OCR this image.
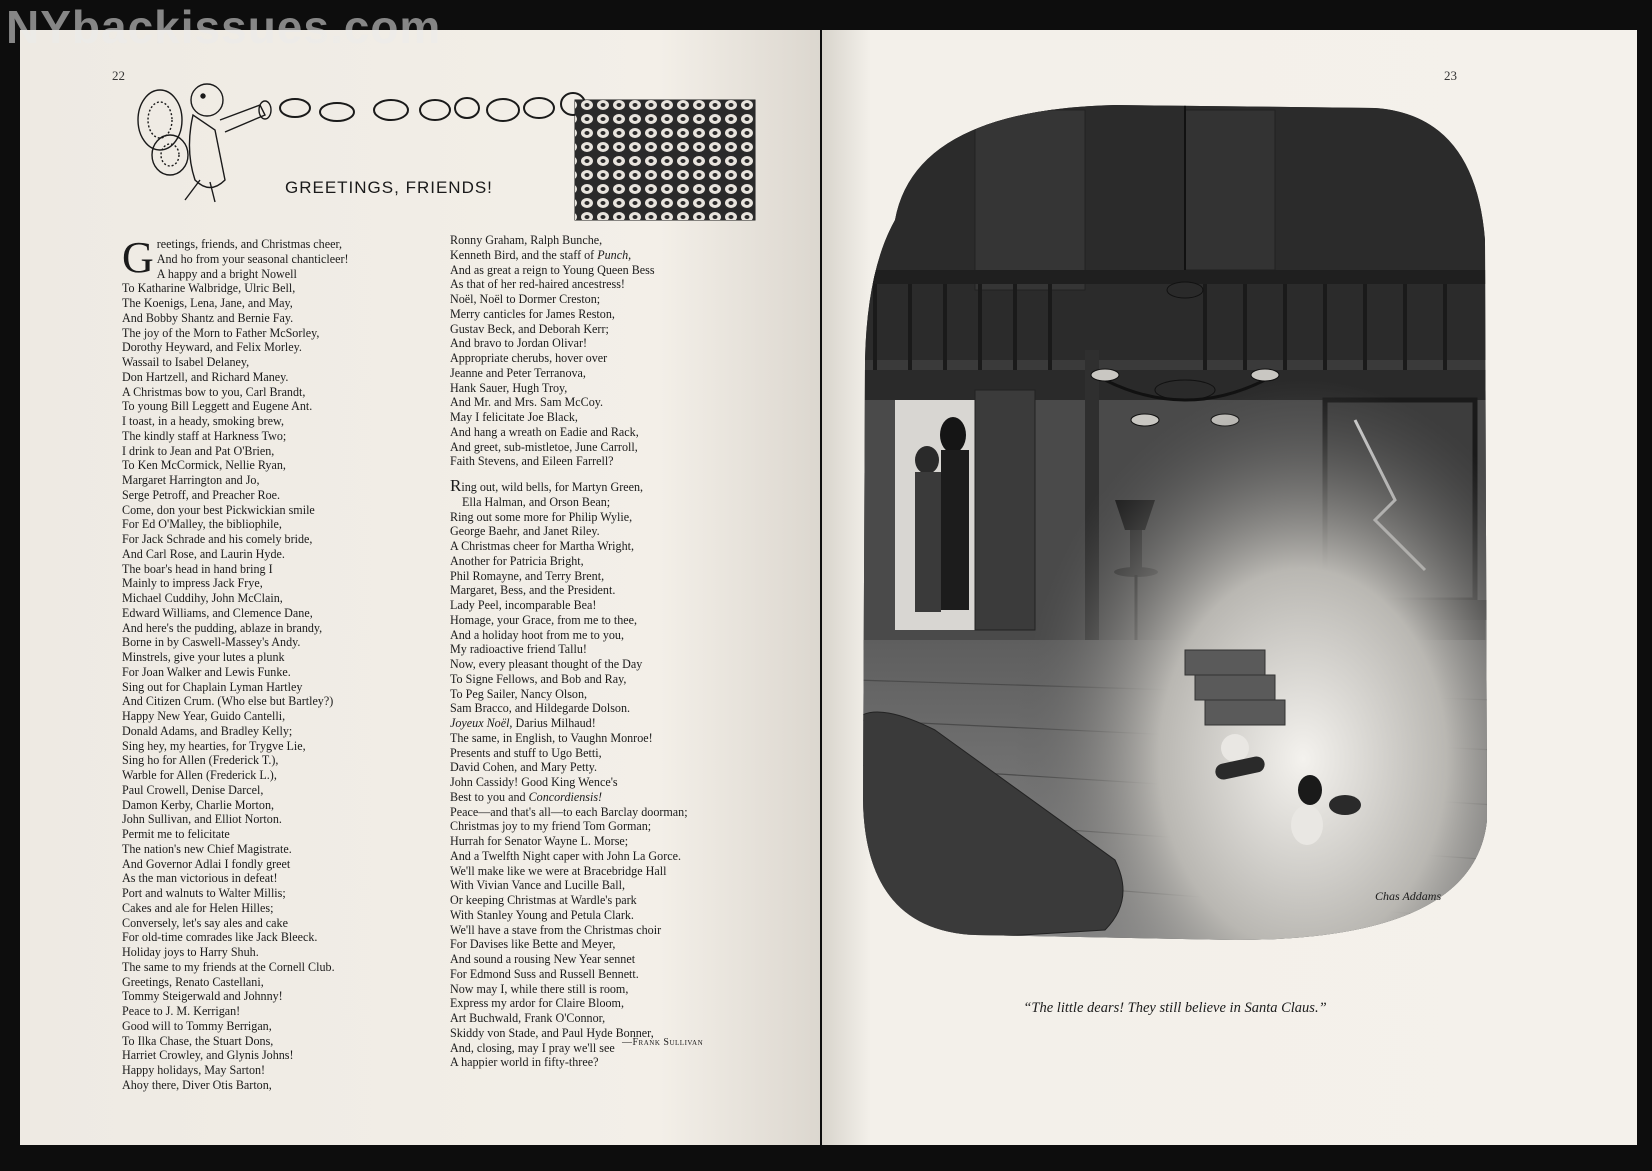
NYbackissues.com
22
GREETINGS, FRIENDS!
G reetings, friends, and Christmas cheer,
And ho from your seasonal chanticleer!
A happy and a bright Nowell
To Katharine Walbridge, Ulric Bell,
The Koenigs, Lena, Jane, and May,
And Bobby Shantz and Bernie Fay.
The joy of the Morn to Father McSorley,
Dorothy Heyward, and Felix Morley.
Wassail to Isabel Delaney,
Don Hartzell, and Richard Maney.
A Christmas bow to you, Carl Brandt,
To young Bill Leggett and Eugene Ant.
I toast, in a heady, smoking brew,
The kindly staff at Harkness Two;
I drink to Jean and Pat O'Brien,
To Ken McCormick, Nellie Ryan,
Margaret Harrington and Jo,
Serge Petroff, and Preacher Roe.
Come, don your best Pickwickian smile
For Ed O'Malley, the bibliophile,
For Jack Schrade and his comely bride,
And Carl Rose, and Laurin Hyde.
The boar's head in hand bring I
Mainly to impress Jack Frye,
Michael Cuddihy, John McClain,
Edward Williams, and Clemence Dane,
And here's the pudding, ablaze in brandy,
Borne in by Caswell-Massey's Andy.
Minstrels, give your lutes a plunk
For Joan Walker and Lewis Funke.
Sing out for Chaplain Lyman Hartley
And Citizen Crum. (Who else but Bartley?)
Happy New Year, Guido Cantelli,
Donald Adams, and Bradley Kelly;
Sing hey, my hearties, for Trygve Lie,
Sing ho for Allen (Frederick T.),
Warble for Allen (Frederick L.),
Paul Crowell, Denise Darcel,
Damon Kerby, Charlie Morton,
John Sullivan, and Elliot Norton.
Permit me to felicitate
The nation's new Chief Magistrate.
And Governor Adlai I fondly greet
As the man victorious in defeat!
Port and walnuts to Walter Millis;
Cakes and ale for Helen Hilles;
Conversely, let's say ales and cake
For old-time comrades like Jack Bleeck.
Holiday joys to Harry Shuh.
The same to my friends at the Cornell Club.
Greetings, Renato Castellani,
Tommy Steigerwald and Johnny!
Peace to J. M. Kerrigan!
Good will to Tommy Berrigan,
To Ilka Chase, the Stuart Dons,
Harriet Crowley, and Glynis Johns!
Happy holidays, May Sarton!
Ahoy there, Diver Otis Barton,
Ronny Graham, Ralph Bunche,
Kenneth Bird, and the staff of Punch,
And as great a reign to Young Queen Bess
As that of her red-haired ancestress!
Noël, Noël to Dormer Creston;
Merry canticles for James Reston,
Gustav Beck, and Deborah Kerr;
And bravo to Jordan Olivar!
Appropriate cherubs, hover over
Jeanne and Peter Terranova,
Hank Sauer, Hugh Troy,
And Mr. and Mrs. Sam McCoy.
May I felicitate Joe Black,
And hang a wreath on Eadie and Rack,
And greet, sub-mistletoe, June Carroll,
Faith Stevens, and Eileen Farrell?
Ring out, wild bells, for Martyn Green,
Ella Halman, and Orson Bean;
Ring out some more for Philip Wylie,
George Baehr, and Janet Riley.
A Christmas cheer for Martha Wright,
Another for Patricia Bright,
Phil Romayne, and Terry Brent,
Margaret, Bess, and the President.
Lady Peel, incomparable Bea!
Homage, your Grace, from me to thee,
And a holiday hoot from me to you,
My radioactive friend Tallu!
Now, every pleasant thought of the Day
To Signe Fellows, and Bob and Ray,
To Peg Sailer, Nancy Olson,
Sam Bracco, and Hildegarde Dolson.
Joyeux Noël, Darius Milhaud!
The same, in English, to Vaughn Monroe!
Presents and stuff to Ugo Betti,
David Cohen, and Mary Petty.
John Cassidy! Good King Wence's
Best to you and Concordiensis!
Peace—and that's all—to each Barclay doorman;
Christmas joy to my friend Tom Gorman;
Hurrah for Senator Wayne L. Morse;
And a Twelfth Night caper with John La Gorce.
We'll make like we were at Bracebridge Hall
With Vivian Vance and Lucille Ball,
Or keeping Christmas at Wardle's park
With Stanley Young and Petula Clark.
We'll have a stave from the Christmas choir
For Davises like Bette and Meyer,
And sound a rousing New Year sennet
For Edmond Suss and Russell Bennett.
Now may I, while there still is room,
Express my ardor for Claire Bloom,
Art Buchwald, Frank O'Connor,
Skiddy von Stade, and Paul Hyde Bonner,
And, closing, may I pray we'll see
A happier world in fifty-three?
—Frank Sullivan
23
Chas Addams
“The little dears! They still believe in Santa Claus.”
